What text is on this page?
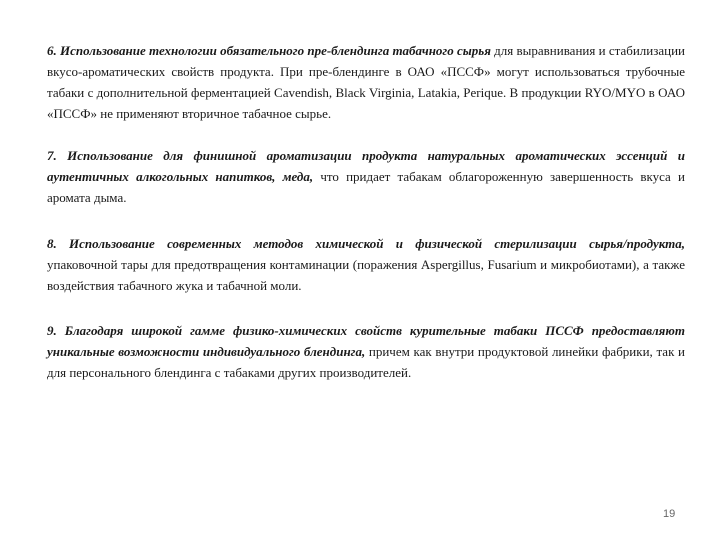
6. Использование технологии обязательного пре-блендинга табачного сырья для выравнивания и стабилизации вкусо-ароматических свойств продукта. При пре-блендинге в ОАО «ПССФ» могут использоваться трубочные табаки с дополнительной ферментацией Cavendish, Black Virginia, Latakia, Perique. В продукции RYO/MYO в ОАО «ПССФ» не применяют вторичное табачное сырье.

7. Использование для финишной ароматизации продукта натуральных ароматических эссенций и аутентичных алкогольных напитков, меда, что придает табакам облагороженную завершенность вкуса и аромата дыма.

8. Использование современных методов химической и физической стерилизации сырья/продукта, упаковочной тары для предотвращения контаминации (поражения Aspergillus, Fusarium и микробиотами), а также воздействия табачного жука и табачной моли.

9. Благодаря широкой гамме физико-химических свойств курительные табаки ПССФ предоставляют уникальные возможности индивидуального блендинга, причем как внутри продуктовой линейки фабрики, так и для персонального блендинга с табаками других производителей.

19
